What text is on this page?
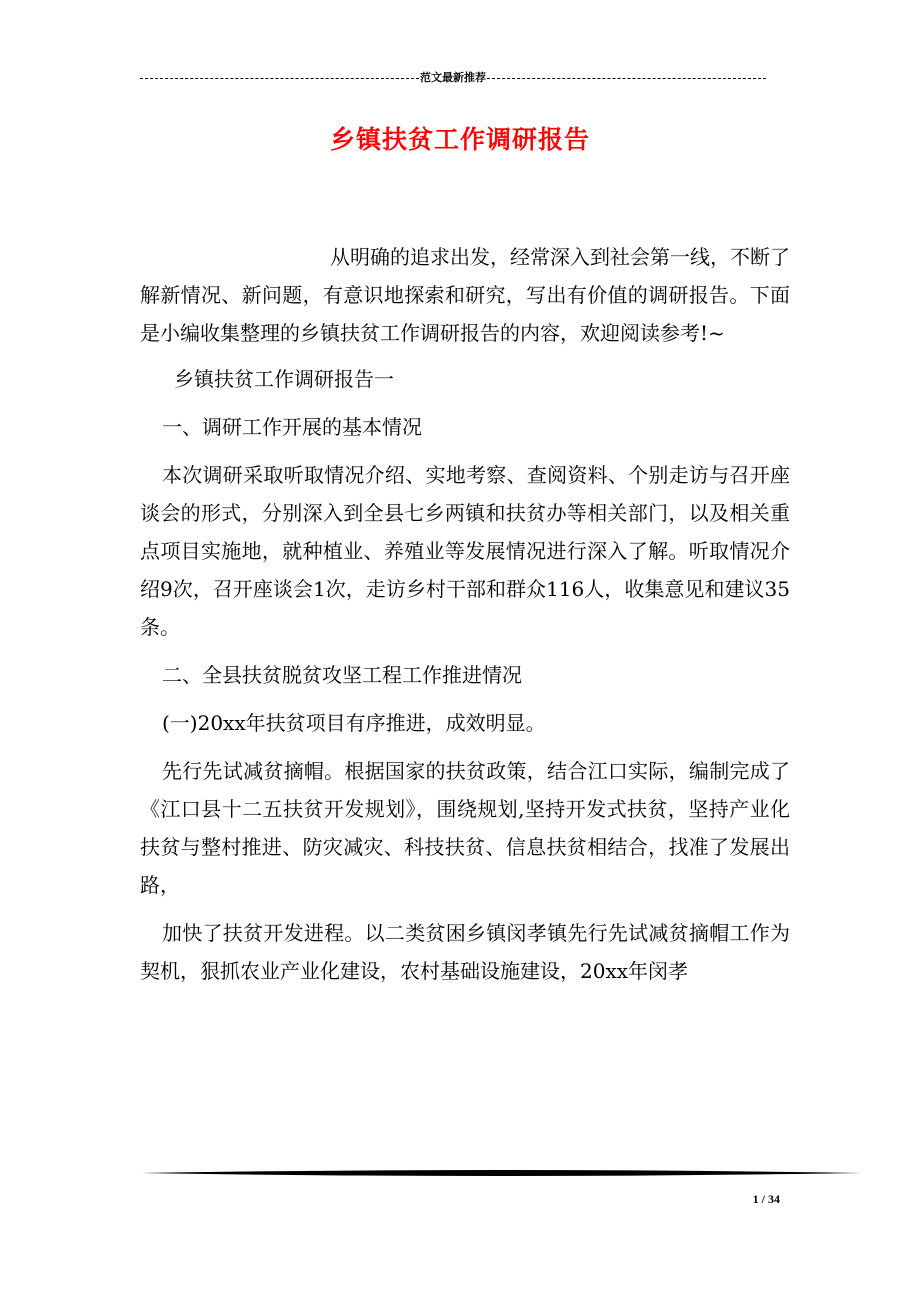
范文最新推荐
乡镇扶贫工作调研报告

从明确的追求出发，经常深入到社会第一线，不断了解新情况、新问题，有意识地探索和研究，写出有价值的调研报告。下面是小编收集整理的乡镇扶贫工作调研报告的内容，欢迎阅读参考!~

乡镇扶贫工作调研报告一

一、调研工作开展的基本情况

本次调研采取听取情况介绍、实地考察、查阅资料、个别走访与召开座谈会的形式，分别深入到全县七乡两镇和扶贫办等相关部门，以及相关重点项目实施地，就种植业、养殖业等发展情况进行深入了解。听取情况介绍9次，召开座谈会1次，走访乡村干部和群众116人，收集意见和建议35条。

二、全县扶贫脱贫攻坚工程工作推进情况

(一)20xx年扶贫项目有序推进，成效明显。

先行先试减贫摘帽。根据国家的扶贫政策，结合江口实际，编制完成了《江口县十二五扶贫开发规划》，围绕规划,坚持开发式扶贫，坚持产业化扶贫与整村推进、防灾减灾、科技扶贫、信息扶贫相结合，找准了发展出路，

加快了扶贫开发进程。以二类贫困乡镇闵孝镇先行先试减贫摘帽工作为契机，狠抓农业产业化建设，农村基础设施建设，20xx年闵孝

1 / 34
